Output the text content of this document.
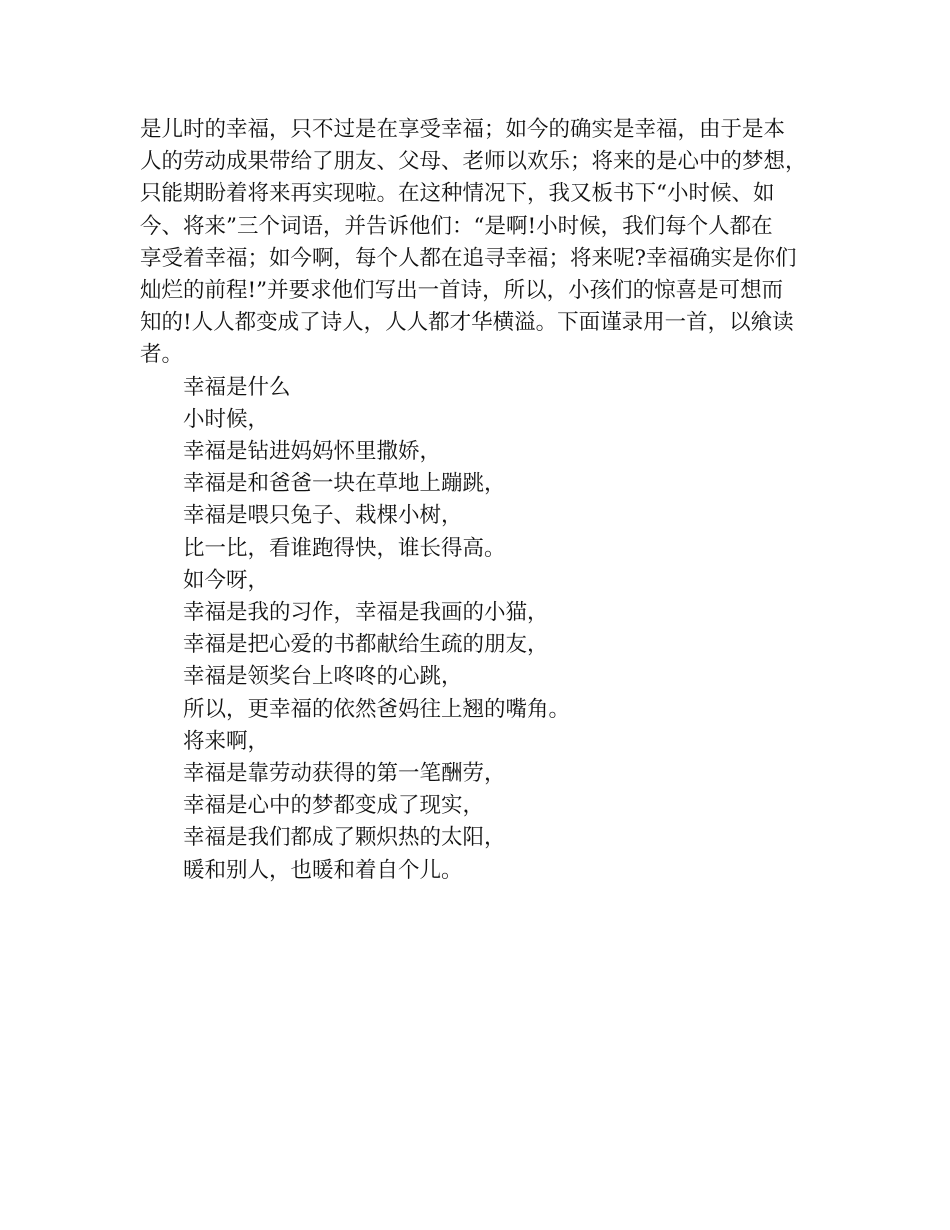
是儿时的幸福，只不过是在享受幸福；如今的确实是幸福，由于是本
人的劳动成果带给了朋友、父母、老师以欢乐；将来的是心中的梦想，
只能期盼着将来再实现啦。在这种情况下，我又板书下“小时候、如
今、将来”三个词语，并告诉他们：“是啊!小时候，我们每个人都在
享受着幸福；如今啊，每个人都在追寻幸福；将来呢?幸福确实是你们
灿烂的前程!”并要求他们写出一首诗，所以，小孩们的惊喜是可想而
知的!人人都变成了诗人，人人都才华横溢。下面谨录用一首，以飨读
者。
幸福是什么
小时候，
幸福是钻进妈妈怀里撒娇，
幸福是和爸爸一块在草地上蹦跳，
幸福是喂只兔子、栽棵小树，
比一比，看谁跑得快，谁长得高。
如今呀，
幸福是我的习作，幸福是我画的小猫，
幸福是把心爱的书都献给生疏的朋友，
幸福是领奖台上咚咚的心跳，
所以，更幸福的依然爸妈往上翘的嘴角。
将来啊，
幸福是靠劳动获得的第一笔酬劳，
幸福是心中的梦都变成了现实，
幸福是我们都成了颗炽热的太阳，
暖和别人，也暖和着自个儿。
